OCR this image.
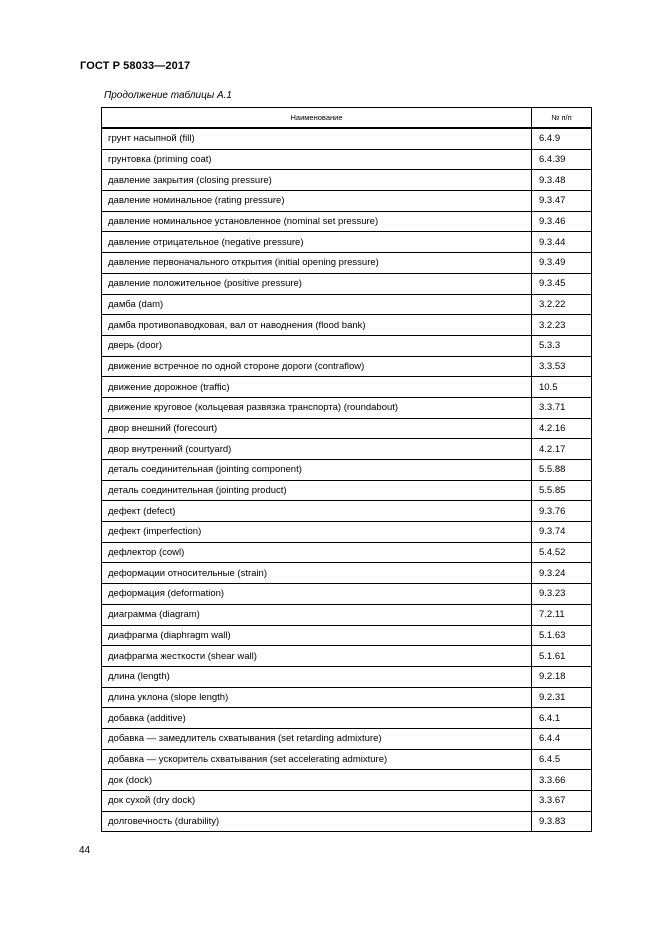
ГОСТ Р 58033—2017
Продолжение таблицы А.1
Наименование	№ п/п
грунт насыпной (fill)	6.4.9
грунтовка (priming coat)	6.4.39
давление закрытия (closing pressure)	9.3.48
давление номинальное (rating pressure)	9.3.47
давление номинальное установленное (nominal set pressure)	9.3.46
давление отрицательное (negative pressure)	9.3.44
давление первоначального открытия (initial opening pressure)	9.3.49
давление положительное (positive pressure)	9.3.45
дамба (dam)	3.2.22
дамба противопаводковая, вал от наводнения (flood bank)	3.2.23
дверь (door)	5.3.3
движение встречное по одной стороне дороги (contraflow)	3.3.53
движение дорожное (traffic)	10.5
движение круговое (кольцевая развязка транспорта) (roundabout)	3.3.71
двор внешний (forecourt)	4.2.16
двор внутренний (courtyard)	4.2.17
деталь соединительная (jointing component)	5.5.88
деталь соединительная (jointing product)	5.5.85
дефект (defect)	9.3.76
дефект (imperfection)	9.3.74
дефлектор (cowl)	5.4.52
деформации относительные (strain)	9.3.24
деформация (deformation)	9.3.23
диаграмма (diagram)	7.2.11
диафрагма (diaphragm wall)	5.1.63
диафрагма жесткости (shear wall)	5.1.61
длина (length)	9.2.18
длина уклона (slope length)	9.2.31
добавка (additive)	6.4.1
добавка — замедлитель схватывания (set retarding admixture)	6.4.4
добавка — ускоритель схватывания (set accelerating admixture)	6.4.5
док (dock)	3.3.66
док сухой (dry dock)	3.3.67
долговечность (durability)	9.3.83
44
